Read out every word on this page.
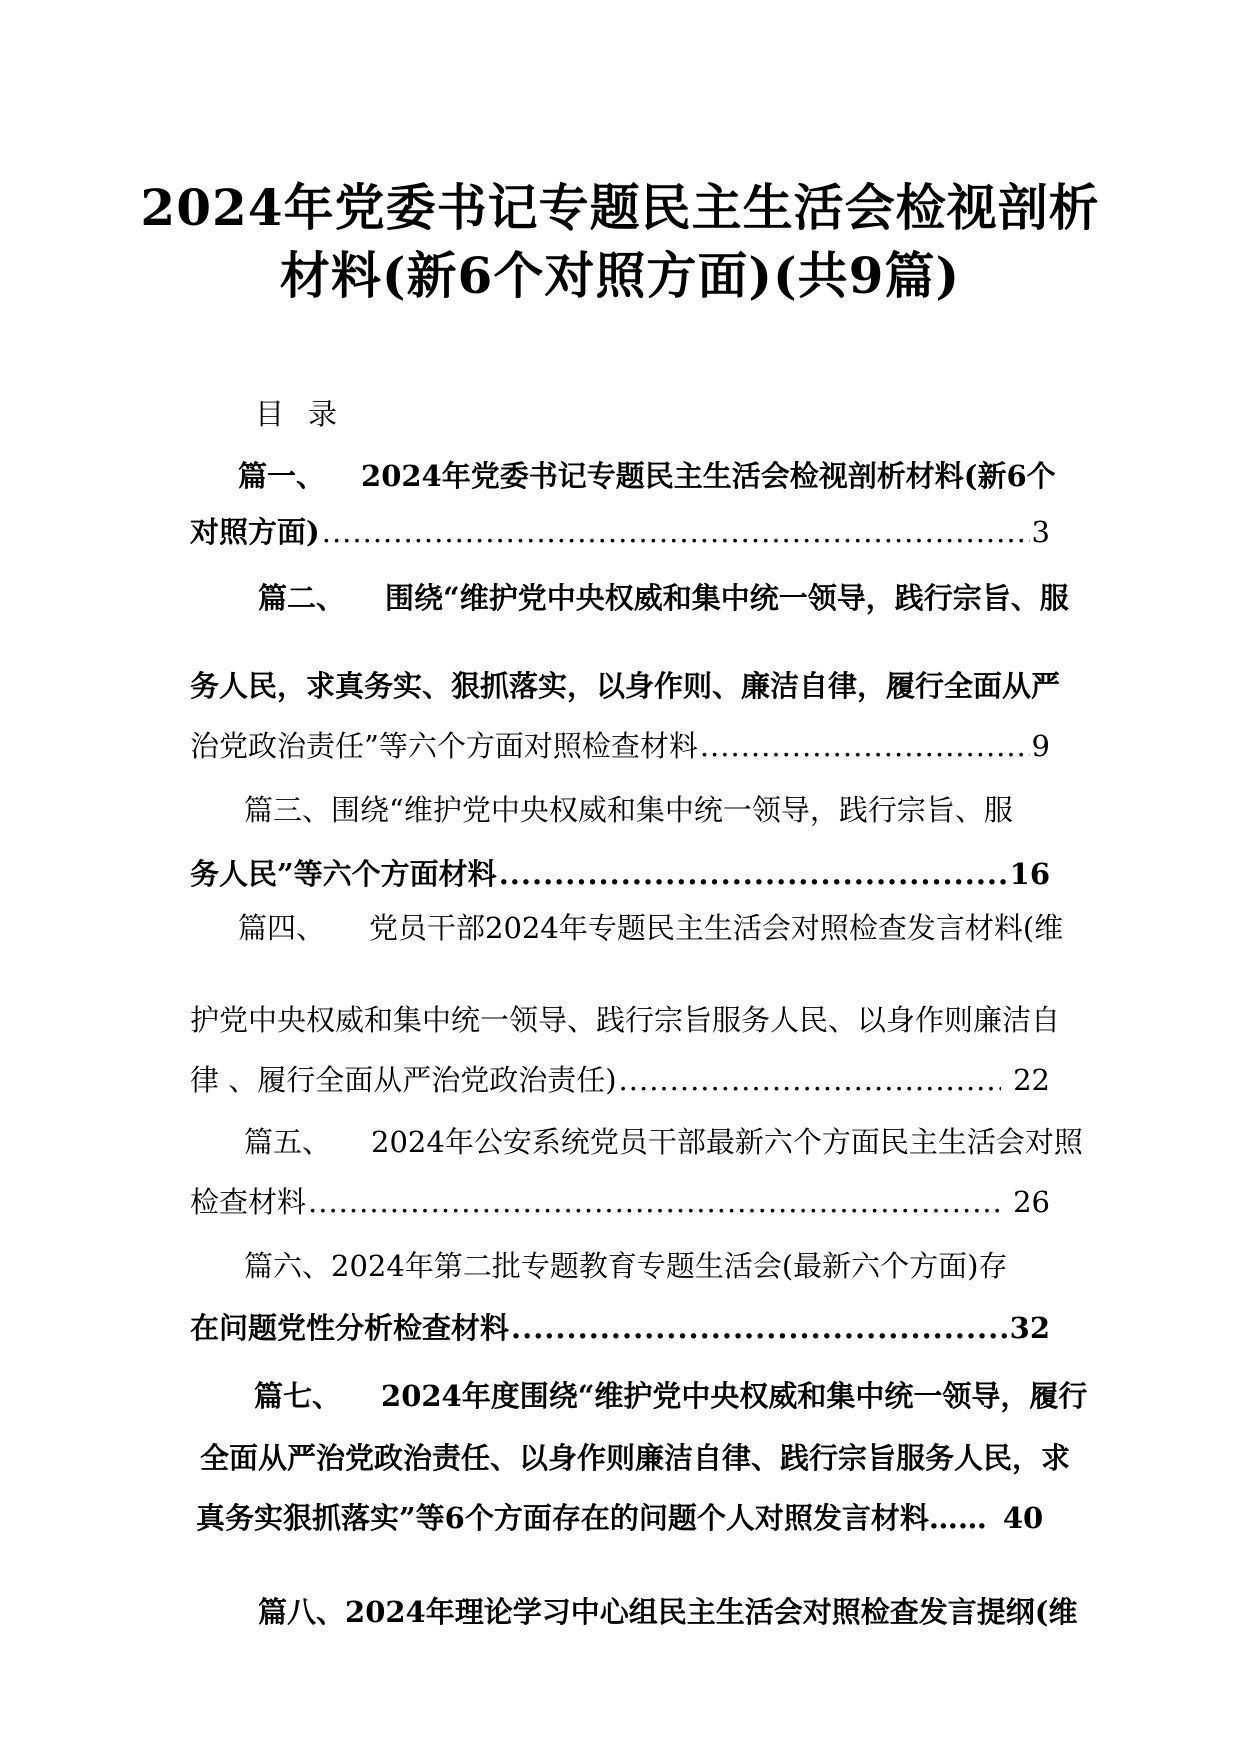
2024年党委书记专题民主生活会检视剖析
材料(新6个对照方面)(共9篇)
目录
篇一、 2024年党委书记专题民主生活会检视剖析材料(新6个
对照方面) .....	3
篇二、 围绕“维护党中央权威和集中统一领导，践行宗旨、服
务人民，求真务实、狠抓落实，以身作则、廉洁自律，履行全面从严
治党政治责任”等六个方面对照检查材料 .....	9
篇三、围绕“维护党中央权威和集中统一领导，践行宗旨、服
务人民”等六个方面材料 .....	16
篇四、 党员干部2024年专题民主生活会对照检查发言材料(维
护党中央权威和集中统一领导、践行宗旨服务人民、以身作则廉洁自
律 、履行全面从严治党政治责任) .....	22
篇五、 2024年公安系统党员干部最新六个方面民主生活会对照
检查材料 .....	26
篇六、2024年第二批专题教育专题生活会(最新六个方面)存
在问题党性分析检查材料 .....	32
篇七、 2024年度围绕“维护党中央权威和集中统一领导，履行
全面从严治党政治责任、以身作则廉洁自律、践行宗旨服务人民，求
真务实狠抓落实”等6个方面存在的问题个人对照发言材料…… 40
篇八、2024年理论学习中心组民主生活会对照检查发言提纲(维
